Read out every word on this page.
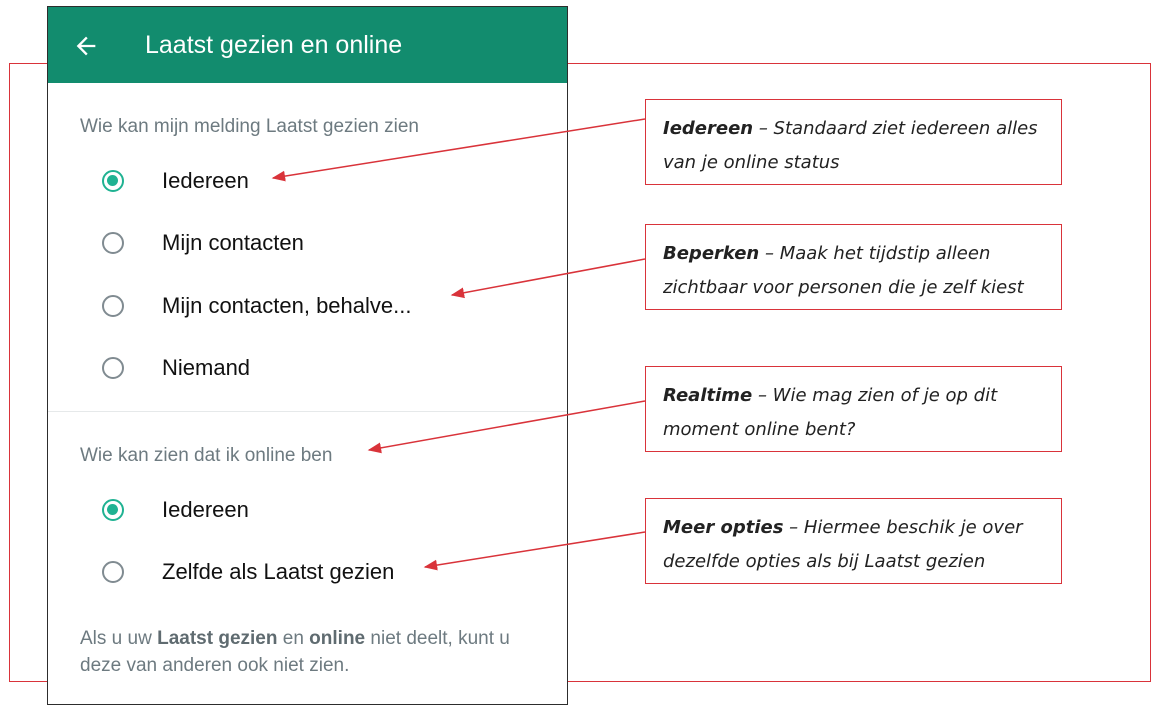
Laatst gezien en online
Wie kan mijn melding Laatst gezien zien
Iedereen
Mijn contacten
Mijn contacten, behalve...
Niemand
Wie kan zien dat ik online ben
Iedereen
Zelfde als Laatst gezien
Als u uw Laatst gezien en online niet deelt, kunt u deze van anderen ook niet zien.
Iedereen – Standaard ziet iedereen alles van je online status
Beperken – Maak het tijdstip alleen zichtbaar voor personen die je zelf kiest
Realtime – Wie mag zien of je op dit moment online bent?
Meer opties – Hiermee beschik je over dezelfde opties als bij Laatst gezien
